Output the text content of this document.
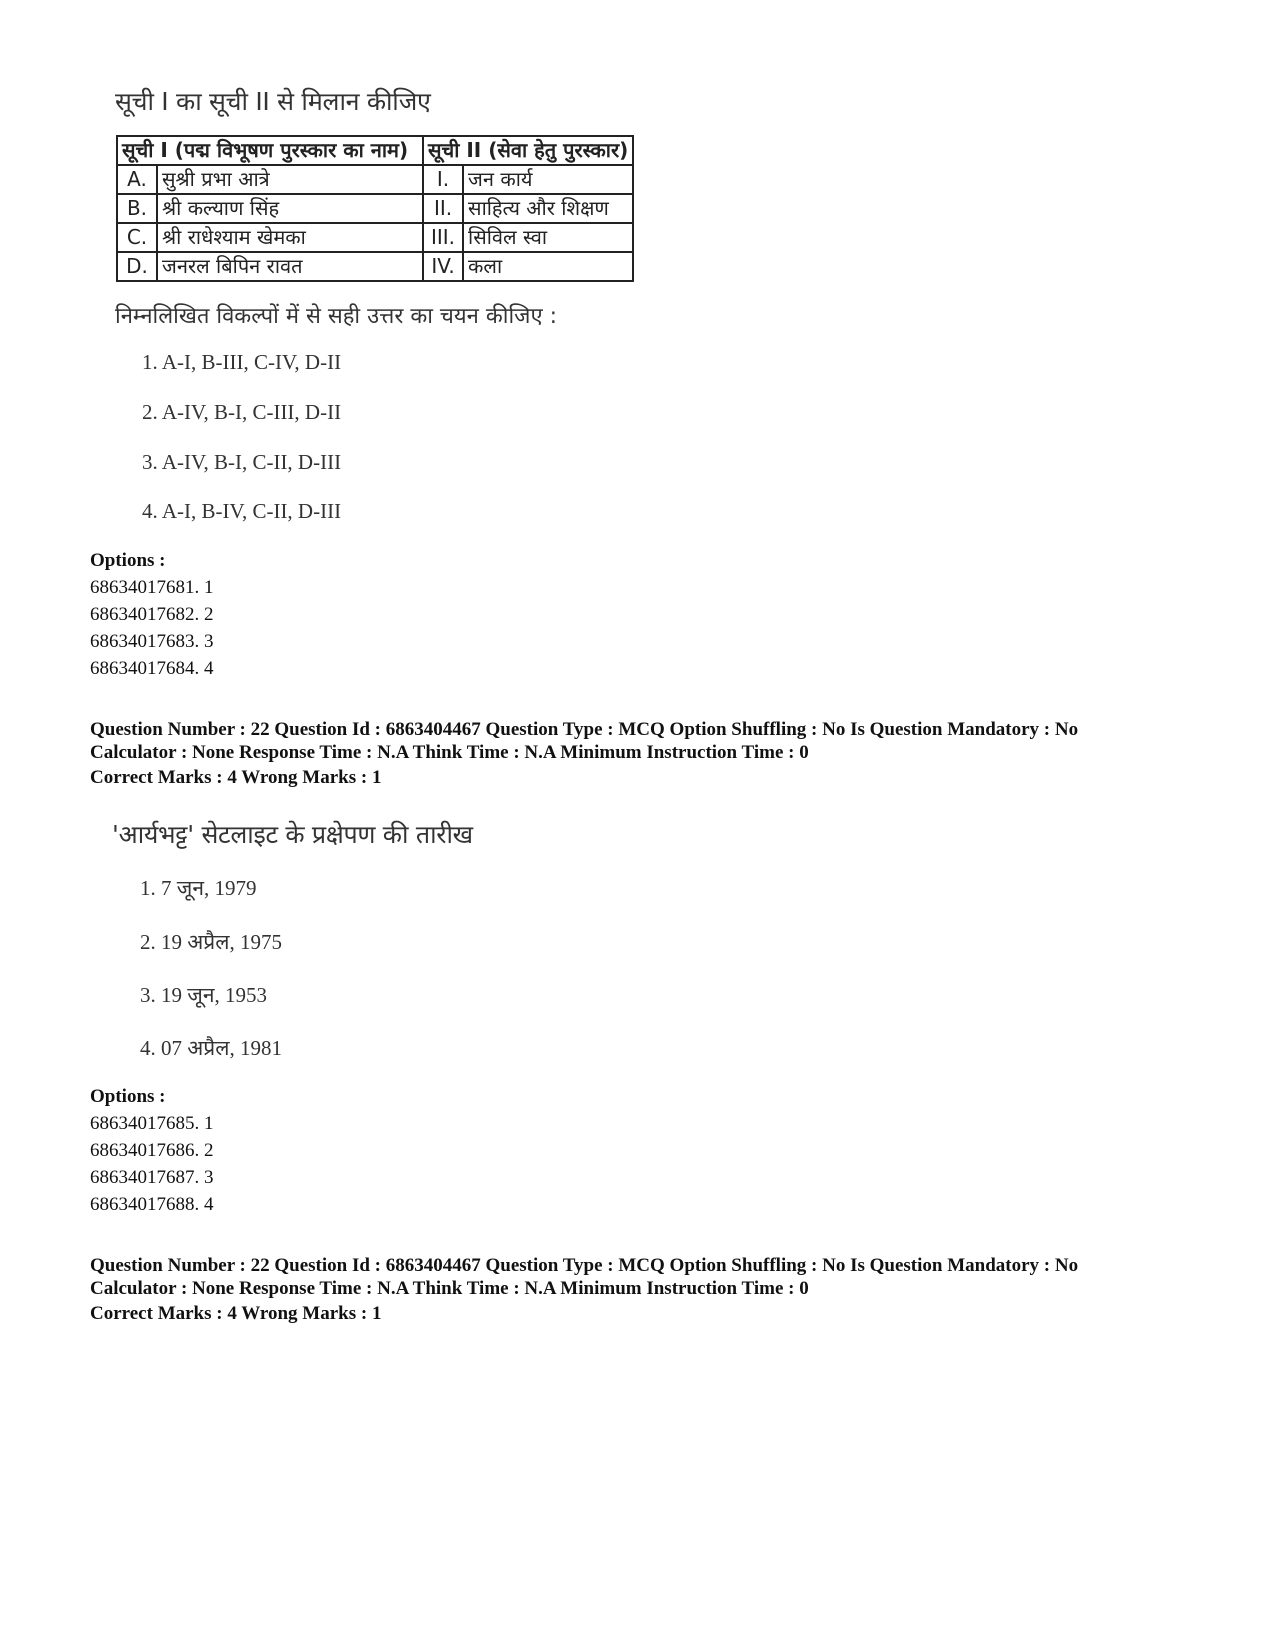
सूची I का सूची II से मिलान कीजिए
सूची I (पद्म विभूषण पुरस्कार का नाम)		सूची II (सेवा हेतु पुरस्कार)	
A.	सुश्री प्रभा आत्रे	I.	जन कार्य
B.	श्री कल्याण सिंह	II.	साहित्य और शिक्षण
C.	श्री राधेश्याम खेमका	III.	सिविल स्वा
D.	जनरल बिपिन रावत	IV.	कला
निम्नलिखित विकल्पों में से सही उत्तर का चयन कीजिए :
1. A-I, B-III, C-IV, D-II
2. A-IV, B-I, C-III, D-II
3. A-IV, B-I, C-II, D-III
4. A-I, B-IV, C-II, D-III
Options :
68634017681. 1
68634017682. 2
68634017683. 3
68634017684. 4
Question Number : 22 Question Id : 6863404467 Question Type : MCQ Option Shuffling : No Is Question Mandatory : No
Calculator : None Response Time : N.A Think Time : N.A Minimum Instruction Time : 0
Correct Marks : 4 Wrong Marks : 1
'आर्यभट्ट' सेटलाइट के प्रक्षेपण की तारीख
1. 7 जून, 1979
2. 19 अप्रैल, 1975
3. 19 जून, 1953
4. 07 अप्रैल, 1981
Options :
68634017685. 1
68634017686. 2
68634017687. 3
68634017688. 4
Question Number : 22 Question Id : 6863404467 Question Type : MCQ Option Shuffling : No Is Question Mandatory : No
Calculator : None Response Time : N.A Think Time : N.A Minimum Instruction Time : 0
Correct Marks : 4 Wrong Marks : 1
